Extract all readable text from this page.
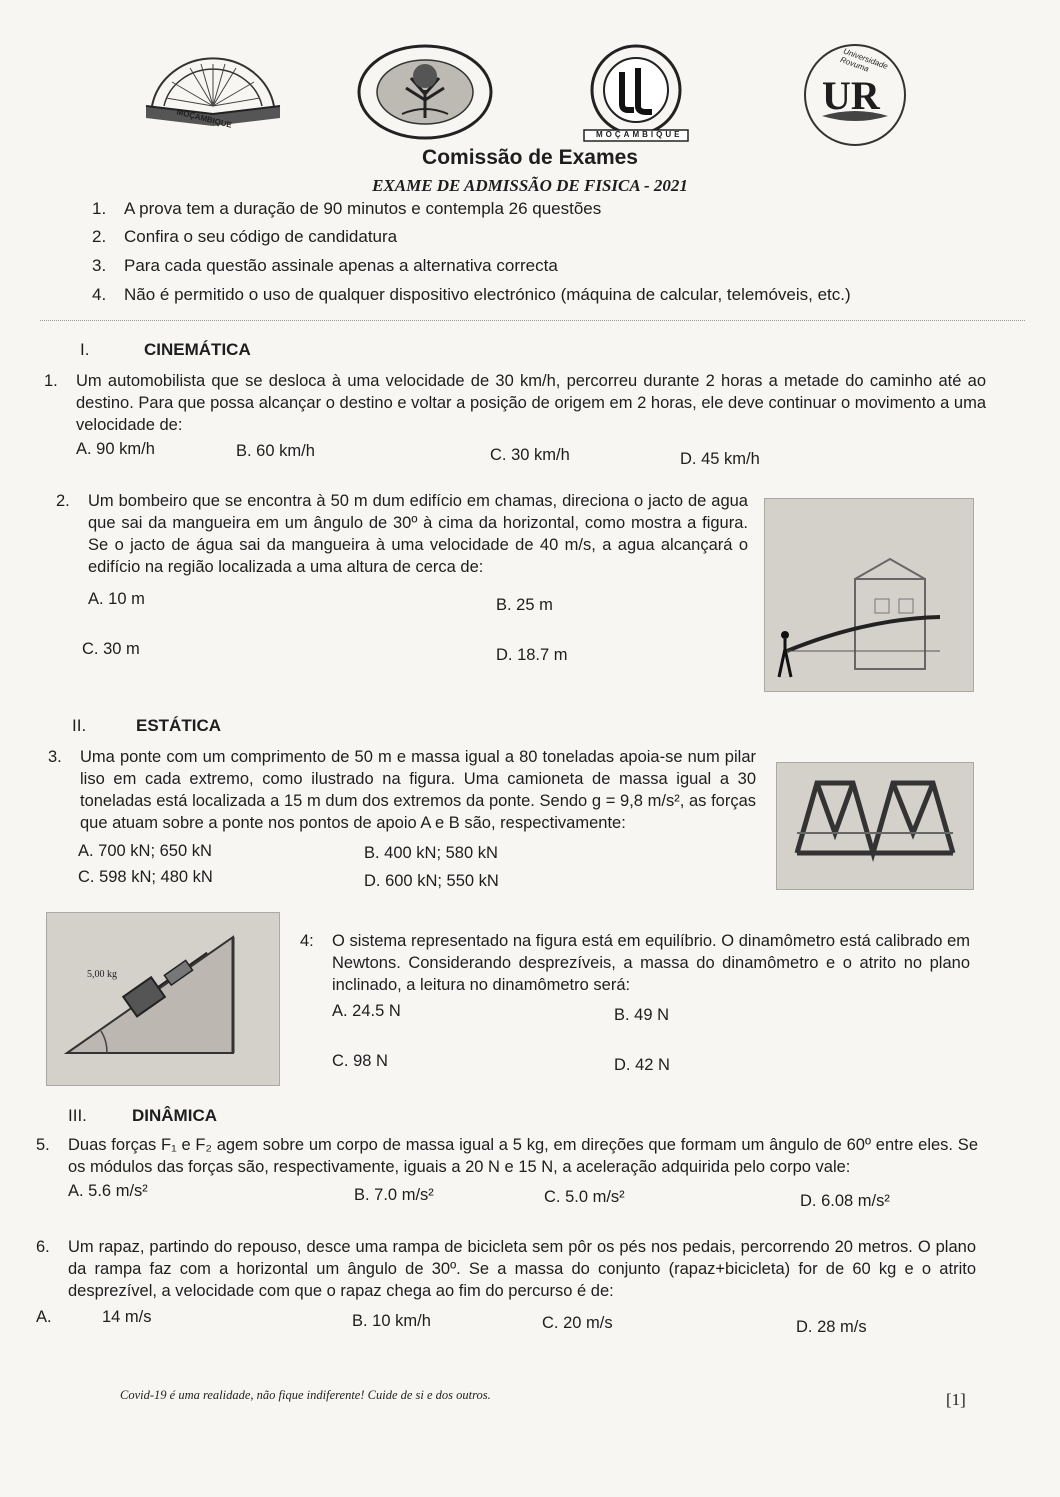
MOÇAMBIQUE
MOÇAMBIQUE
UR
Universidade Rovuma
Comissão de Exames
EXAME DE ADMISSÃO DE FISICA - 2021
1. A prova tem a duração de 90 minutos e contempla 26 questões
2. Confira o seu código de candidatura
3. Para cada questão assinale apenas a alternativa correcta
4. Não é permitido o uso de qualquer dispositivo electrónico (máquina de calcular, telemóveis, etc.)
I.	CINEMÁTICA
1. Um automobilista que se desloca à uma velocidade de 30 km/h, percorreu durante 2 horas a metade do caminho até ao destino. Para que possa alcançar o destino e voltar a posição de origem em 2 horas, ele deve continuar o movimento a uma velocidade de:
A. 90 km/h	B. 60 km/h	C. 30 km/h	D. 45 km/h
2. Um bombeiro que se encontra à 50 m dum edifício em chamas, direciona o jacto de agua que sai da mangueira em um ângulo de 30º à cima da horizontal, como mostra a figura. Se o jacto de água sai da mangueira à uma velocidade de 40 m/s, a agua alcançará o edifício na região localizada a uma altura de cerca de:
A. 10 m	B. 25 m
C. 30 m	D. 18.7 m
II.	ESTÁTICA
3. Uma ponte com um comprimento de 50 m e massa igual a 80 toneladas apoia-se num pilar liso em cada extremo, como ilustrado na figura. Uma camioneta de massa igual a 30 toneladas está localizada a 15 m dum dos extremos da ponte. Sendo g = 9,8 m/s², as forças que atuam sobre a ponte nos pontos de apoio A e B são, respectivamente:
A. 700 kN; 650 kN	B. 400 kN; 580 kN
C. 598 kN; 480 kN	D. 600 kN; 550 kN
5,00 kg
4: O sistema representado na figura está em equilíbrio. O dinamômetro está calibrado em Newtons. Considerando desprezíveis, a massa do dinamômetro e o atrito no plano inclinado, a leitura no dinamômetro será:
A. 24.5 N	B. 49 N
C. 98 N	D. 42 N
III.	DINÂMICA
5. Duas forças F₁ e F₂ agem sobre um corpo de massa igual a 5 kg, em direções que formam um ângulo de 60º entre eles. Se os módulos das forças são, respectivamente, iguais a 20 N e 15 N, a aceleração adquirida pelo corpo vale:
A. 5.6 m/s²	B. 7.0 m/s²	C. 5.0 m/s²	D. 6.08 m/s²
6. Um rapaz, partindo do repouso, desce uma rampa de bicicleta sem pôr os pés nos pedais, percorrendo 20 metros. O plano da rampa faz com a horizontal um ângulo de 30º. Se a massa do conjunto (rapaz+bicicleta) for de 60 kg e o atrito desprezível, a velocidade com que o rapaz chega ao fim do percurso é de:
A.	14 m/s	B. 10 km/h	C. 20 m/s	D. 28 m/s
Covid-19 é uma realidade, não fique indiferente! Cuide de si e dos outros.	[1]
